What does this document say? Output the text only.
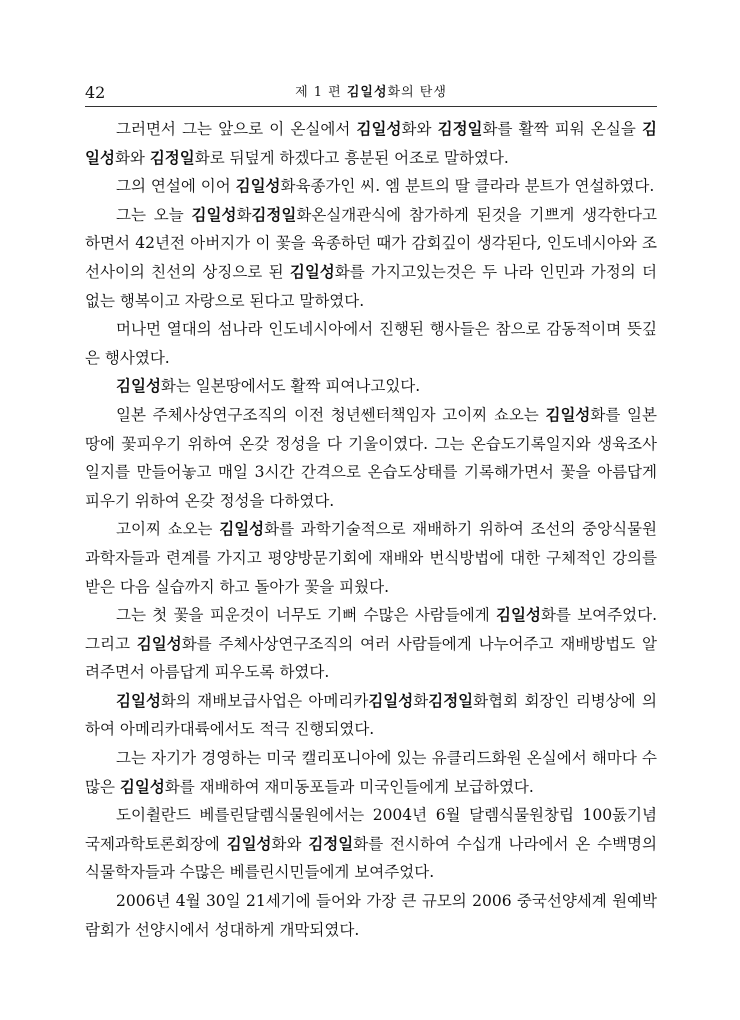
42	제 1 편 김일성화의 탄생

그러면서 그는 앞으로 이 온실에서 김일성화와 김정일화를 활짝 피워 온실을 김일성화와 김정일화로 뒤덮게 하겠다고 흥분된 어조로 말하였다.

그의 연설에 이어 김일성화육종가인 씨. 엠 분트의 딸 클라라 분트가 연설하였다.

그는 오늘 김일성화김정일화온실개관식에 참가하게 된것을 기쁘게 생각한다고 하면서 42년전 아버지가 이 꽃을 육종하던 때가 감회깊이 생각된다, 인도네시아와 조선사이의 친선의 상징으로 된 김일성화를 가지고있는것은 두 나라 인민과 가정의 더없는 행복이고 자랑으로 된다고 말하였다.

머나먼 열대의 섬나라 인도네시아에서 진행된 행사들은 참으로 감동적이며 뜻깊은 행사였다.

김일성화는 일본땅에서도 활짝 피여나고있다.

일본 주체사상연구조직의 이전 청년쎈터책임자 고이찌 쇼오는 김일성화를 일본땅에 꽃피우기 위하여 온갖 정성을 다 기울이였다. 그는 온습도기록일지와 생육조사일지를 만들어놓고 매일 3시간 간격으로 온습도상태를 기록해가면서 꽃을 아름답게 피우기 위하여 온갖 정성을 다하였다.

고이찌 쇼오는 김일성화를 과학기술적으로 재배하기 위하여 조선의 중앙식물원 과학자들과 련계를 가지고 평양방문기회에 재배와 번식방법에 대한 구체적인 강의를 받은 다음 실습까지 하고 돌아가 꽃을 피웠다.

그는 첫 꽃을 피운것이 너무도 기뻐 수많은 사람들에게 김일성화를 보여주었다. 그리고 김일성화를 주체사상연구조직의 여러 사람들에게 나누어주고 재배방법도 알려주면서 아름답게 피우도록 하였다.

김일성화의 재배보급사업은 아메리카김일성화김정일화협회 회장인 리병상에 의하여 아메리카대륙에서도 적극 진행되였다.

그는 자기가 경영하는 미국 캘리포니아에 있는 유클리드화원 온실에서 해마다 수많은 김일성화를 재배하여 재미동포들과 미국인들에게 보급하였다.

도이췰란드 베를린달렘식물원에서는 2004년 6월 달렘식물원창립 100돐기념 국제과학토론회장에 김일성화와 김정일화를 전시하여 수십개 나라에서 온 수백명의 식물학자들과 수많은 베를린시민들에게 보여주었다.

2006년 4월 30일 21세기에 들어와 가장 큰 규모의 2006 중국선양세계 원예박람회가 선양시에서 성대하게 개막되였다.
